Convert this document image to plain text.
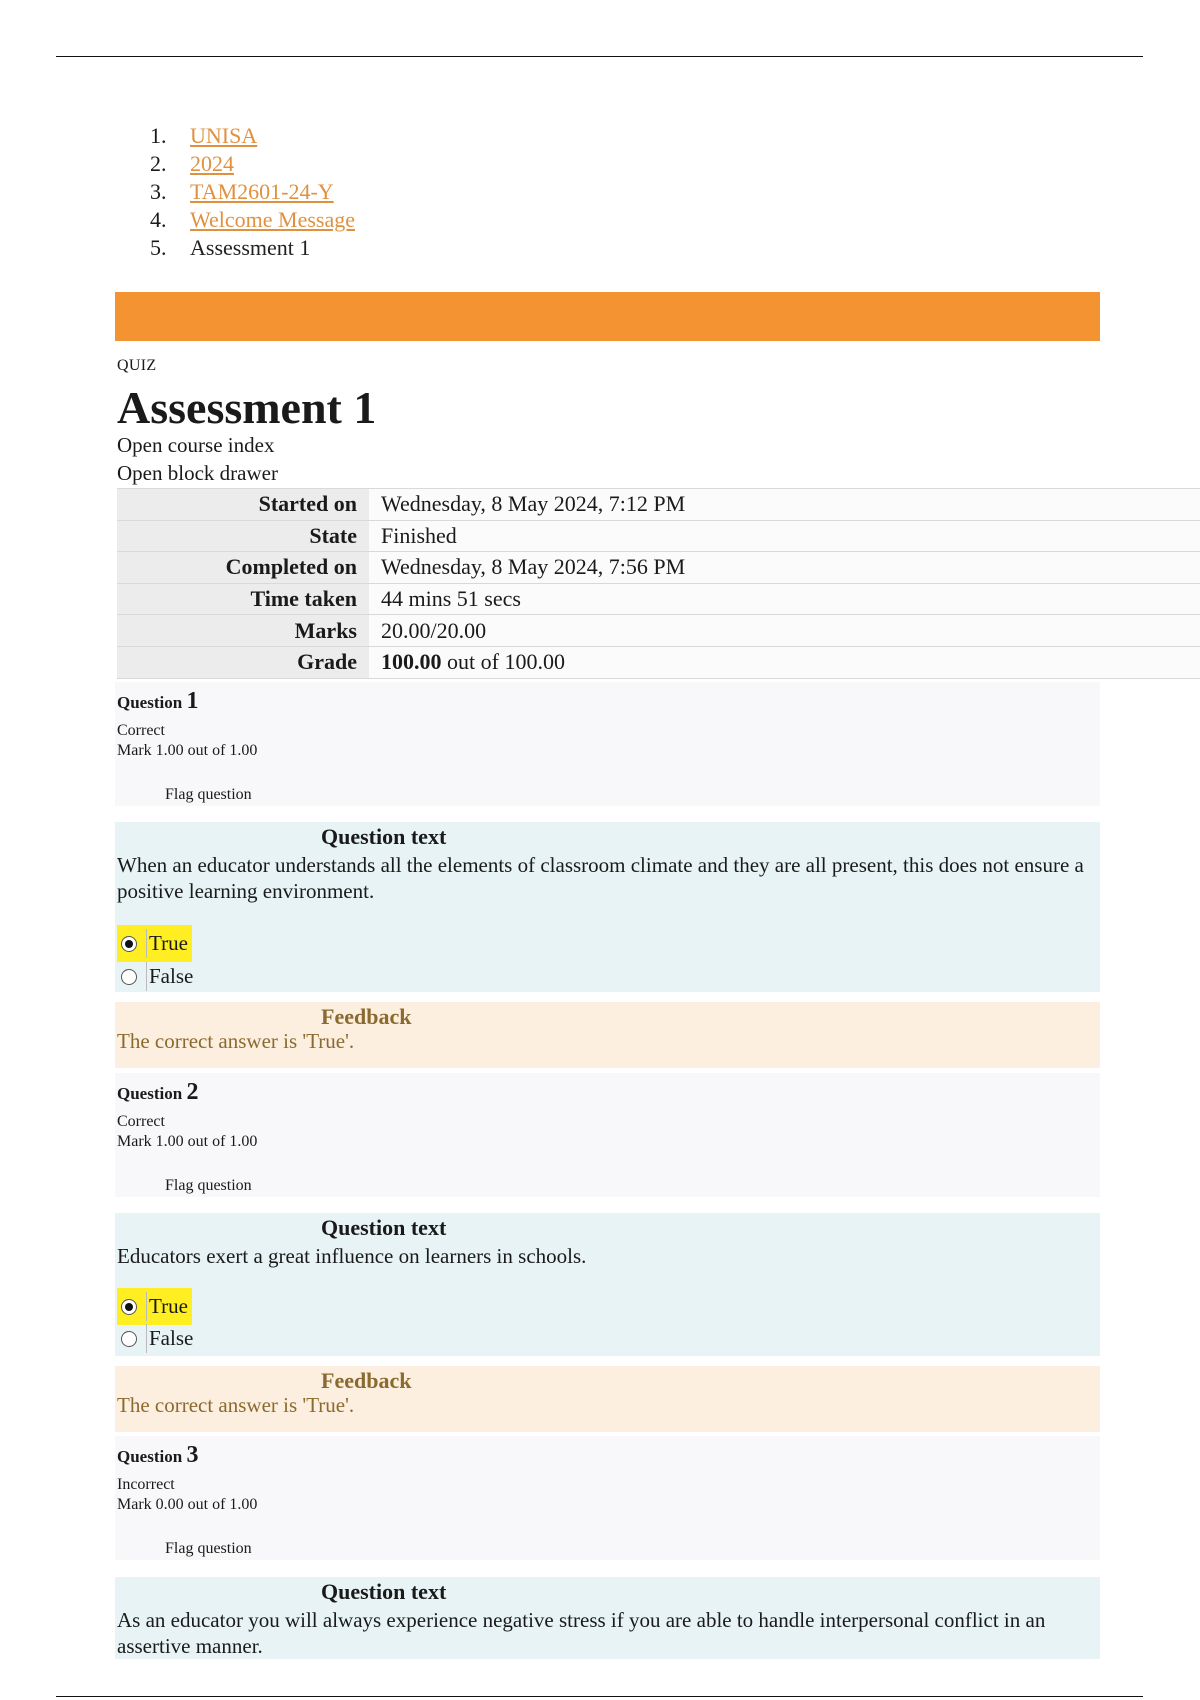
1. UNISA
2. 2024
3. TAM2601-24-Y
4. Welcome Message
5. Assessment 1
QUIZ
Assessment 1
Open course index
Open block drawer
Started on	Wednesday, 8 May 2024, 7:12 PM
State	Finished
Completed on	Wednesday, 8 May 2024, 7:56 PM
Time taken	44 mins 51 secs
Marks	20.00/20.00
Grade	100.00 out of 100.00
Question 1
Correct
Mark 1.00 out of 1.00
Flag question
Question text
When an educator understands all the elements of classroom climate and they are all present, this does not ensure a positive learning environment.
True
False
Feedback
The correct answer is 'True'.
Question 2
Correct
Mark 1.00 out of 1.00
Flag question
Question text
Educators exert a great influence on learners in schools.
True
False
Feedback
The correct answer is 'True'.
Question 3
Incorrect
Mark 0.00 out of 1.00
Flag question
Question text
As an educator you will always experience negative stress if you are able to handle interpersonal conflict in an assertive manner.
